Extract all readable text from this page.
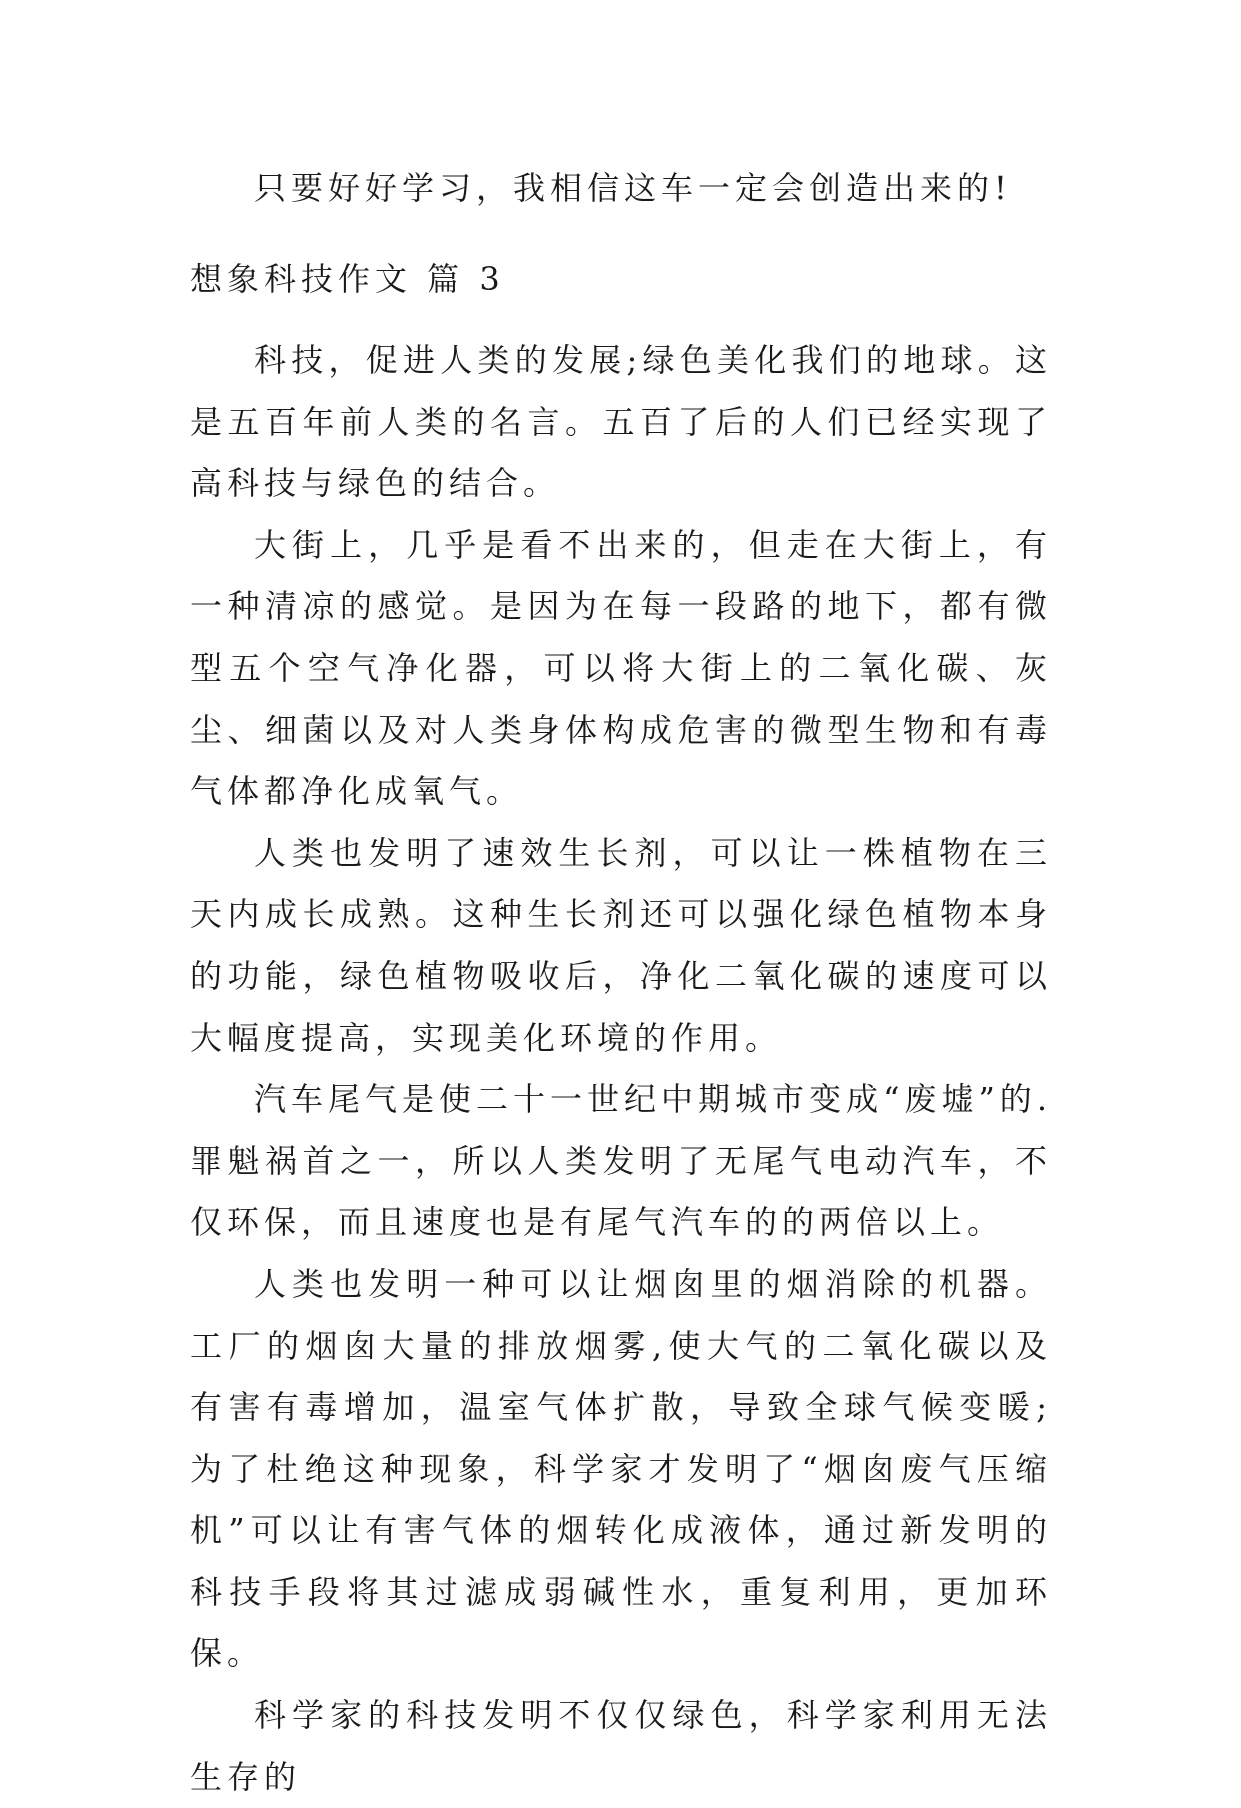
只要好好学习，我相信这车一定会创造出来的!

想象科技作文 篇 3

科技，促进人类的发展;绿色美化我们的地球。这是五百年前人类的名言。五百了后的人们已经实现了高科技与绿色的结合。

大街上，几乎是看不出来的，但走在大街上，有一种清凉的感觉。是因为在每一段路的地下，都有微型五个空气净化器，可以将大街上的二氧化碳、灰尘、细菌以及对人类身体构成危害的微型生物和有毒气体都净化成氧气。

人类也发明了速效生长剂，可以让一株植物在三天内成长成熟。这种生长剂还可以强化绿色植物本身的功能，绿色植物吸收后，净化二氧化碳的速度可以大幅度提高，实现美化环境的作用。

汽车尾气是使二十一世纪中期城市变成“废墟”的.罪魁祸首之一，所以人类发明了无尾气电动汽车，不仅环保，而且速度也是有尾气汽车的的两倍以上。

人类也发明一种可以让烟囱里的烟消除的机器。工厂的烟囱大量的排放烟雾,使大气的二氧化碳以及有害有毒增加，温室气体扩散，导致全球气候变暖;为了杜绝这种现象，科学家才发明了“烟囱废气压缩机”可以让有害气体的烟转化成液体，通过新发明的科技手段将其过滤成弱碱性水，重复利用，更加环保。

科学家的科技发明不仅仅绿色，科学家利用无法生存的
